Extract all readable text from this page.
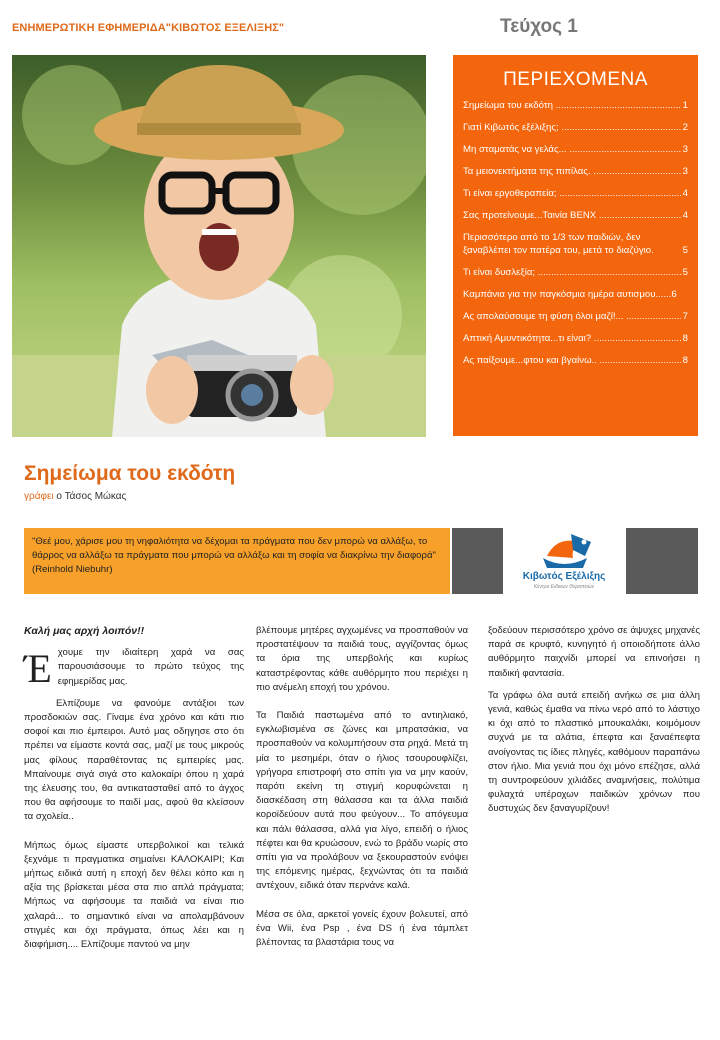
ΕΝΗΜΕΡΩΤΙΚΗ ΕΦΗΜΕΡΙΔΑ"ΚΙΒΩΤΟΣ ΕΞΕΛΙΞΗΣ"	Τεύχος 1
ΠΕΡΙΕΧΟΜΕΝΑ
Σημείωμα του εκδότη .....	1
Γιατί Κιβωτός εξέλιξης; .....	2
Μη σταματάς να γελάς... .....	3
Τα μειονεκτήματα της πιπίλας. .....	3
Τι είναι εργοθεραπεία; .....	4
Σας προτείνουμε...Ταινία ΒΕΝΧ .....	4
Περισσότερο από το 1/3 των παιδιών, δεν ξαναβλέπει τον πατέρα του, μετά το διαζύγιο.	5
Τι είναι δυσλεξία; .....	5
Καμπάνια για την παγκόσμια ημέρα αυτισμου......6
Ας απολαύσουμε τη φύση όλοι μαζί!... .....	7
Απτική Αμυντικότητα...τι είναι? .....	8
Ας παίξουμε...φτου και βγαίνω.. .....	8
Σημείωμα του εκδότη
γράφει ο Τάσος Μώκας
"Θεέ μου, χάρισε μου τη νηφαλιότητα να δέχομαι τα πράγματα που δεν μπορώ να αλλάξω, το θάρρος να αλλάξω τα πράγματα που μπορώ να αλλάξω και τη σοφία να διακρίνω την διαφορά" (Reinhold Niebuhr)
Κιβωτός Εξέλιξης
Κέντρο Ειδικών Θεραπειών

Καλή μας αρχή λοιπόν!!

Έχουμε την ιδιαίτερη χαρά να σας παρουσιάσουμε το πρώτο τεύχος της εφημερίδας μας.

Ελπίζουμε να φανούμε αντάξιοι των προσδοκιών σας. Γίναμε ένα χρόνο και κάτι πιο σοφοί και πιο έμπειροι. Αυτό μας οδηγησε στο ότι πρέπει να είμαστε κοντά σας, μαζί με τους μικρούς μας φίλους παραθέτοντας τις εμπειρίες μας. Μπαίνουμε σιγά σιγά στο καλοκαίρι όπου η χαρά της έλευσης του, θα αντικατασταθεί από το άγχος που θα αφήσουμε το παιδί μας, αφού θα κλείσουν τα σχολεία..

Μήπως όμως είμαστε υπερβολικοί και τελικά ξεχνάμε τι πραγματικα σημαίνει ΚΑΛΟΚΑΙΡΙ; Και μήπως ειδικά αυτή η εποχή δεν θέλει κόπο και η αξία της βρίσκεται μέσα στα πιο απλά πράγματα; Μήπως να αφήσουμε τα παιδιά να είναι πιο χαλαρά... το σημαντικό είναι να απολαμβάνουν στιγμές και όχι πράγματα, όπως λέει και η διαφήμιση.... Ελπίζουμε παντού να μην

βλέπουμε μητέρες αγχωμένες να προσπαθούν να προστατέψουν τα παιδιά τους, αγγίζοντας όμως τα όρια της υπερβολής και κυρίως καταστρέφοντας κάθε αυθόρμητο που περιέχει η πιο ανέμελη εποχή του χρόνου.

Τα Παιδιά παστωμένα από το αντιηλιακό, εγκλωβισμένα σε ζώνες και μπρατσάκια, να προσπαθούν να κολυμπήσουν στα ρηχά. Μετά τη μία το μεσημέρι, όταν ο ήλιος τσουρουφλίζει, γρήγορα επιστροφή στο σπίτι για να μην καούν, παρότι εκείνη τη στιγμή κορυφώνεται η διασκέδαση στη θάλασσα και τα άλλα παιδιά κοροϊδεύουν αυτά που φεύγουν... Το απόγευμα και πάλι θάλασσα, αλλά για λίγο, επειδή ο ήλιος πέφτει και θα κρυώσουν, ενώ το βράδυ νωρίς στο σπίτι για να προλάβουν να ξεκουραστούν ενόψει της επόμενης ημέρας, ξεχνώντας ότι τα παιδιά αντέχουν, ειδικά όταν περνάνε καλά.

Μέσα σε όλα, αρκετοί γονείς έχουν βολευτεί, από ένα Wii, ένα Psp , ένα DS ή ένα τάμπλετ βλέποντας τα βλαστάρια τους να

ξοδεύουν περισσότερο χρόνο σε άψυχες μηχανές παρά σε κρυφτό, κυνηγητό ή οποιοδήποτε άλλο αυθόρμητο παιχνίδι μπορεί να επινοήσει η παιδική φαντασία.

Τα γράφω όλα αυτά επειδή ανήκω σε μια άλλη γενιά, καθώς έμαθα να πίνω νερό από το λάστιχο κι όχι από το πλαστικό μπουκαλάκι, κοιμόμουν συχνά με τα αλάτια, έπεφτα και ξαναέπεφτα ανοίγοντας τις ίδιες πληγές, καθόμουν παραπάνω στον ήλιο. Μια γενιά που όχι μόνο επέζησε, αλλά τη συντροφεύουν χιλιάδες αναμνήσεις, πολύτιμα φυλαχτά υπέροχων παιδικών χρόνων που δυστυχώς δεν ξαναγυρίζουν!
